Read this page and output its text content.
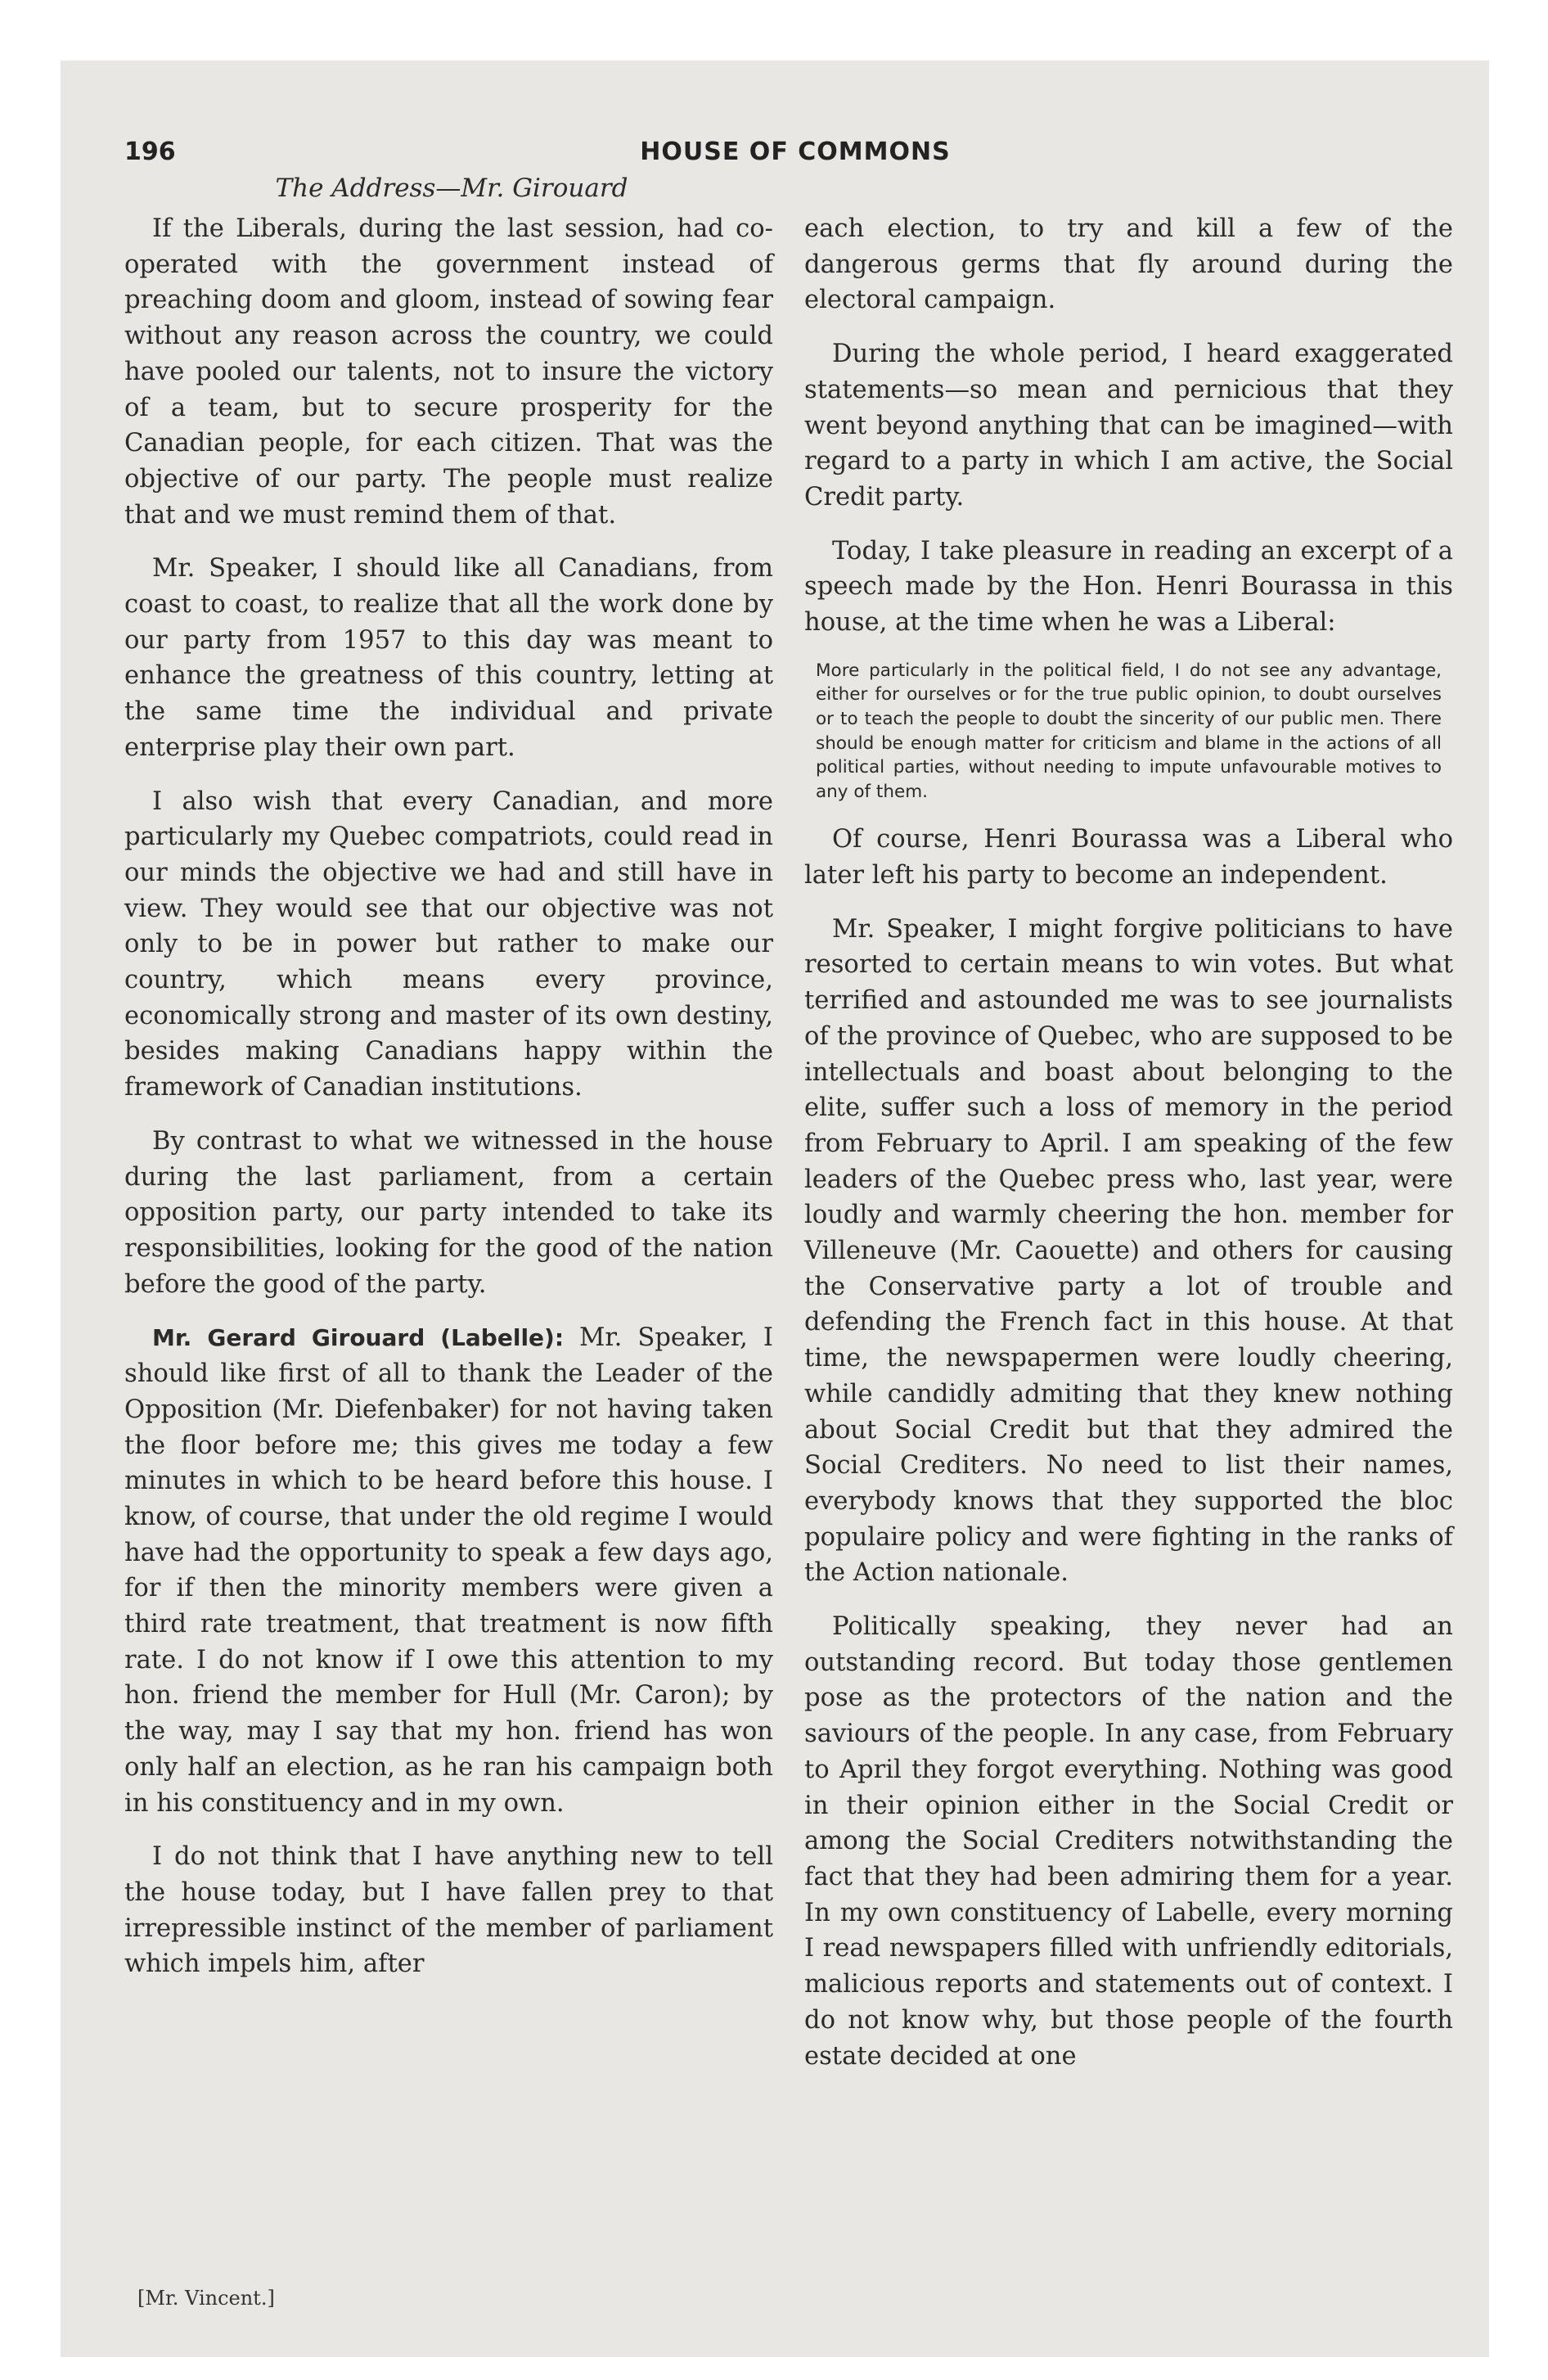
196	HOUSE OF COMMONS
The Address—Mr. Girouard

If the Liberals, during the last session, had co-operated with the government instead of preaching doom and gloom, instead of sowing fear without any reason across the country, we could have pooled our talents, not to insure the victory of a team, but to secure prosperity for the Canadian people, for each citizen. That was the objective of our party. The people must realize that and we must remind them of that.

Mr. Speaker, I should like all Canadians, from coast to coast, to realize that all the work done by our party from 1957 to this day was meant to enhance the greatness of this country, letting at the same time the individual and private enterprise play their own part.

I also wish that every Canadian, and more particularly my Quebec compatriots, could read in our minds the objective we had and still have in view. They would see that our objective was not only to be in power but rather to make our country, which means every province, economically strong and master of its own destiny, besides making Canadians happy within the framework of Canadian institutions.

By contrast to what we witnessed in the house during the last parliament, from a certain opposition party, our party intended to take its responsibilities, looking for the good of the nation before the good of the party.

Mr. Gerard Girouard (Labelle): Mr. Speaker, I should like first of all to thank the Leader of the Opposition (Mr. Diefenbaker) for not having taken the floor before me; this gives me today a few minutes in which to be heard before this house. I know, of course, that under the old regime I would have had the opportunity to speak a few days ago, for if then the minority members were given a third rate treatment, that treatment is now fifth rate. I do not know if I owe this attention to my hon. friend the member for Hull (Mr. Caron); by the way, may I say that my hon. friend has won only half an election, as he ran his campaign both in his constituency and in my own.

I do not think that I have anything new to tell the house today, but I have fallen prey to that irrepressible instinct of the member of parliament which impels him, after

each election, to try and kill a few of the dangerous germs that fly around during the electoral campaign.

During the whole period, I heard exaggerated statements—so mean and pernicious that they went beyond anything that can be imagined—with regard to a party in which I am active, the Social Credit party.

Today, I take pleasure in reading an excerpt of a speech made by the Hon. Henri Bourassa in this house, at the time when he was a Liberal:

More particularly in the political field, I do not see any advantage, either for ourselves or for the true public opinion, to doubt ourselves or to teach the people to doubt the sincerity of our public men. There should be enough matter for criticism and blame in the actions of all political parties, without needing to impute unfavourable motives to any of them.

Of course, Henri Bourassa was a Liberal who later left his party to become an independent.

Mr. Speaker, I might forgive politicians to have resorted to certain means to win votes. But what terrified and astounded me was to see journalists of the province of Quebec, who are supposed to be intellectuals and boast about belonging to the elite, suffer such a loss of memory in the period from February to April. I am speaking of the few leaders of the Quebec press who, last year, were loudly and warmly cheering the hon. member for Villeneuve (Mr. Caouette) and others for causing the Conservative party a lot of trouble and defending the French fact in this house. At that time, the newspapermen were loudly cheering, while candidly admiting that they knew nothing about Social Credit but that they admired the Social Crediters. No need to list their names, everybody knows that they supported the bloc populaire policy and were fighting in the ranks of the Action nationale.

Politically speaking, they never had an outstanding record. But today those gentlemen pose as the protectors of the nation and the saviours of the people. In any case, from February to April they forgot everything. Nothing was good in their opinion either in the Social Credit or among the Social Crediters notwithstanding the fact that they had been admiring them for a year. In my own constituency of Labelle, every morning I read newspapers filled with unfriendly editorials, malicious reports and statements out of context. I do not know why, but those people of the fourth estate decided at one

[Mr. Vincent.]
